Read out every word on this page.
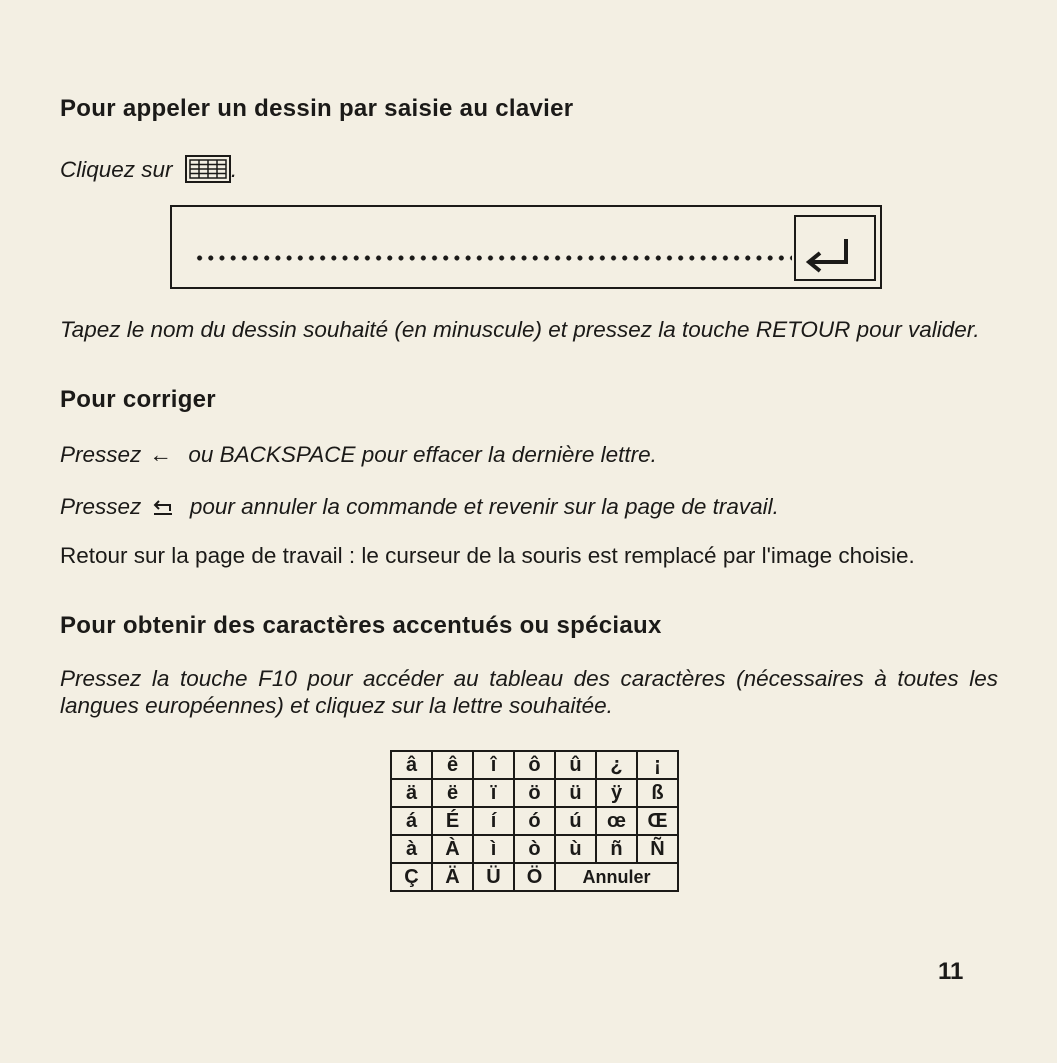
Pour appeler un dessin par saisie au clavier

Cliquez sur	.

Tapez le nom du dessin souhaité (en minuscule) et pressez la touche RETOUR pour valider.

Pour corriger

Pressez ← ou BACKSPACE pour effacer la dernière lettre.

Pressez pour annuler la commande et revenir sur la page de travail.

Retour sur la page de travail : le curseur de la souris est remplacé par l'image choisie.

Pour obtenir des caractères accentués ou spéciaux

Pressez la touche F10 pour accéder au tableau des caractères (nécessaires à toutes les langues européennes) et cliquez sur la lettre souhaitée.

â	ê	î	ô	û	¿	¡
ä	ë	ï	ö	ü	ÿ	ß
á	É	í	ó	ú	œ	Œ
à	À	ì	ò	ù	ñ	Ñ
Ç	Ä	Ü	Ö	Annuler		
11
